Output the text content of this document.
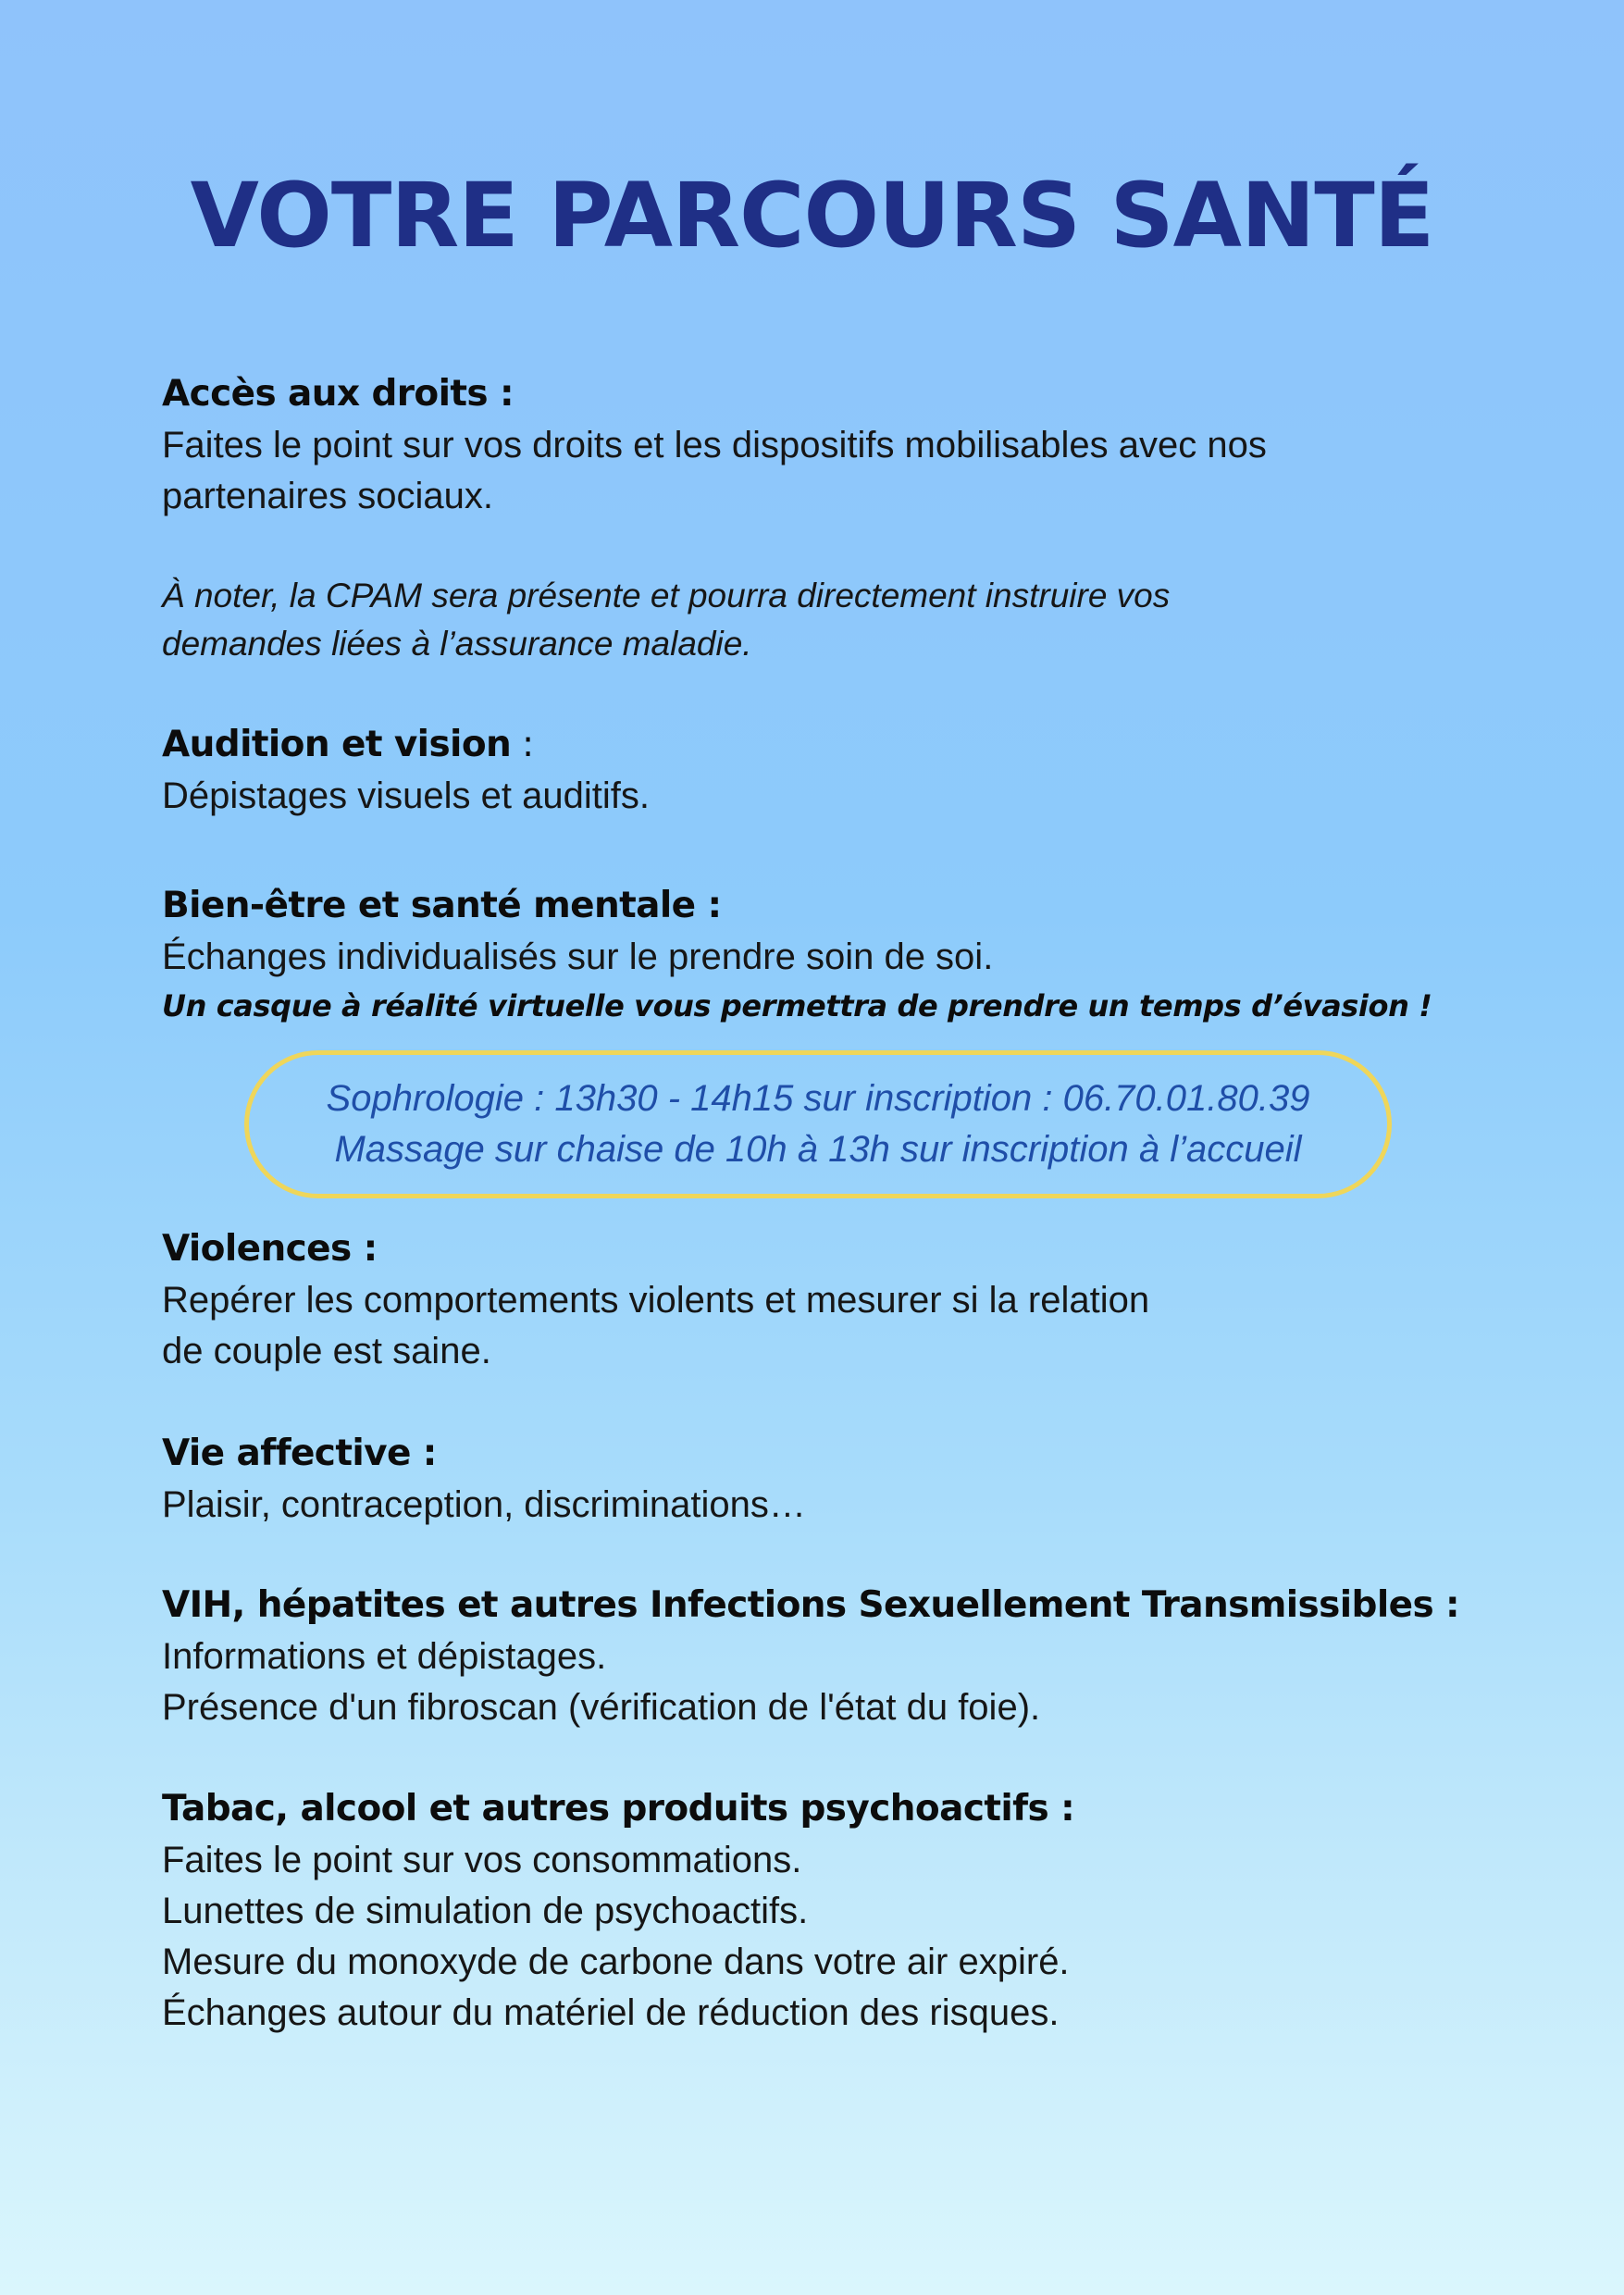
VOTRE PARCOURS SANTÉ
Accès aux droits :
Faites le point sur vos droits et les dispositifs mobilisables avec nos
partenaires sociaux.
À noter, la CPAM sera présente et pourra directement instruire vos
demandes liées à l’assurance maladie.
Audition et vision :
Dépistages visuels et auditifs.
Bien-être et santé mentale :
Échanges individualisés sur le prendre soin de soi.
Un casque à réalité virtuelle vous permettra de prendre un temps d’évasion !
Sophrologie : 13h30 - 14h15 sur inscription : 06.70.01.80.39
Massage sur chaise de 10h à 13h sur inscription à l’accueil
Violences :
Repérer les comportements violents et mesurer si la relation
de couple est saine.
Vie affective :
Plaisir, contraception, discriminations…
VIH, hépatites et autres Infections Sexuellement Transmissibles :
Informations et dépistages.
Présence d'un fibroscan (vérification de l'état du foie).
Tabac, alcool et autres produits psychoactifs :
Faites le point sur vos consommations.
Lunettes de simulation de psychoactifs.
Mesure du monoxyde de carbone dans votre air expiré.
Échanges autour du matériel de réduction des risques.
